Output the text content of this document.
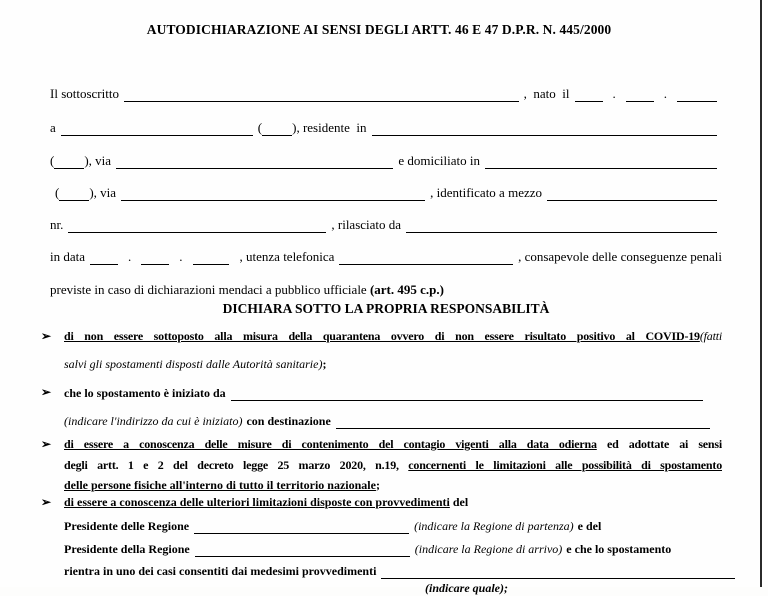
AUTODICHIARAZIONE AI SENSI DEGLI ARTT. 46 E 47 D.P.R. N. 445/2000
Il sottoscritto	,  nato  il	.	.
a	( ), residente  in
( ), via	e domiciliato in
( ), via	, identificato a mezzo
nr.	, rilasciato da
in data	.	.	, utenza telefonica	, consapevole delle conseguenze penali
previste in caso di dichiarazioni mendaci a pubblico ufficiale (art. 495 c.p.)
DICHIARA SOTTO LA PROPRIA RESPONSABILITÀ
➢	di non essere sottoposto alla misura della quarantena ovvero di non essere risultato positivo al COVID-19(fatti
salvi gli spostamenti disposti dalle Autorità sanitarie);
➢	che lo spostamento è iniziato da
(indicare l'indirizzo da cui è iniziato) con destinazione
➢	di essere a conoscenza delle misure di contenimento del contagio vigenti alla data odierna ed adottate ai sensi
degli artt. 1 e 2 del decreto legge 25 marzo 2020, n.19, concernenti le limitazioni alle possibilità di spostamento
delle persone fisiche all'interno di tutto il territorio nazionale;
➢	di essere a conoscenza delle ulteriori limitazioni disposte con provvedimenti del
Presidente delle Regione	(indicare la Regione di partenza) e del
Presidente della Regione	(indicare la Regione di arrivo) e che lo spostamento
rientra in uno dei casi consentiti dai medesimi provvedimenti
(indicare quale);
